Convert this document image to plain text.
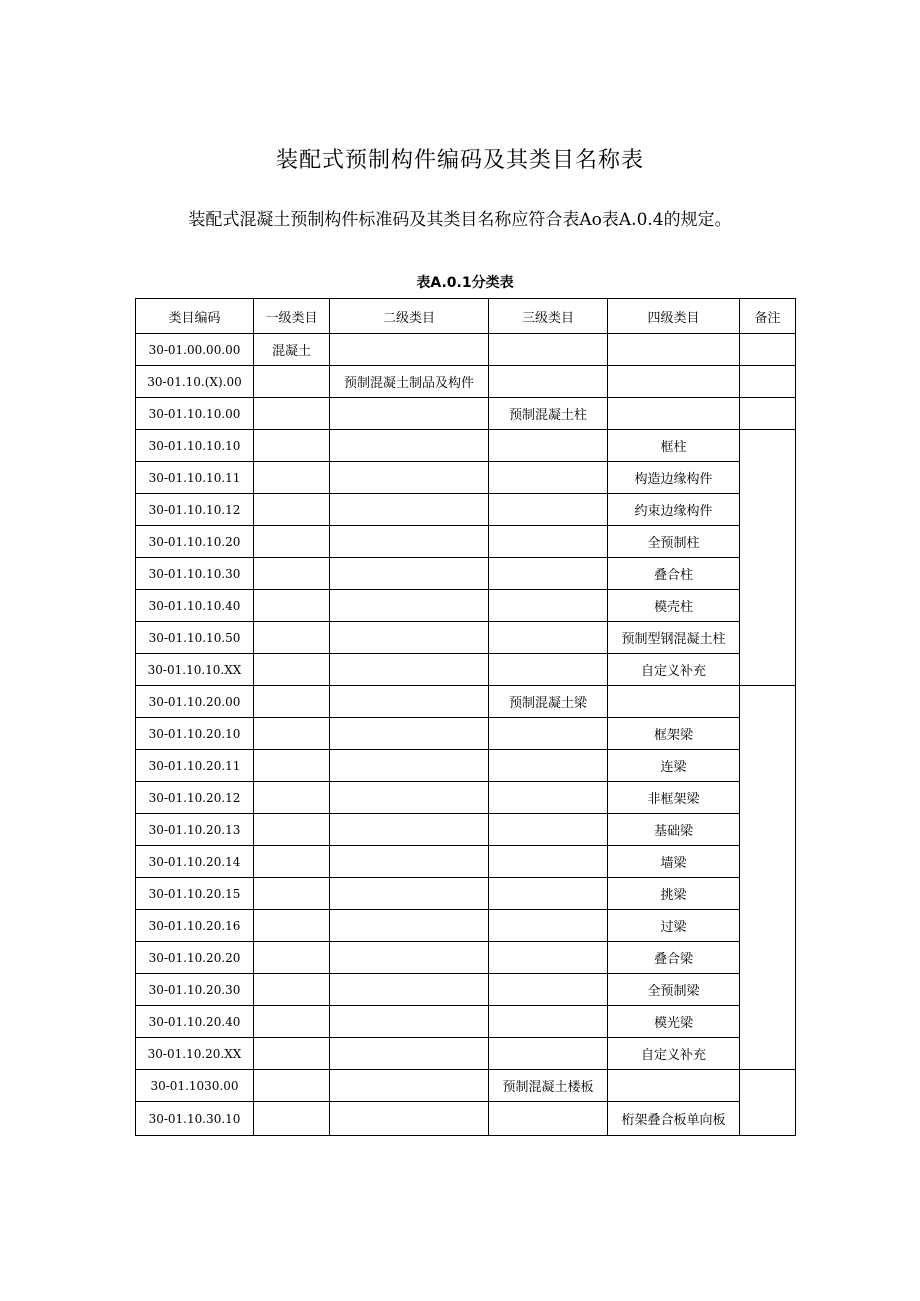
装配式预制构件编码及其类目名称表
装配式混凝土预制构件标准码及其类目名称应符合表Ao表A.0.4的规定。
表A.0.1分类表
类目编码	一级类目	二级类目	三级类目	四级类目	备注
30-01.00.00.00	混凝土				
30-01.10.(X).00		预制混凝土制品及构件			
30-01.10.10.00			预制混凝土柱		
30-01.10.10.10				框柱	
30-01.10.10.11				构造边缘构件	
30-01.10.10.12				约束边缘构件	
30-01.10.10.20				全预制柱	
30-01.10.10.30				叠合柱	
30-01.10.10.40				模壳柱	
30-01.10.10.50				预制型钢混凝土柱	
30-01.10.10.XX				自定义补充	
30-01.10.20.00			预制混凝土梁		
30-01.10.20.10				框架梁	
30-01.10.20.11				连梁	
30-01.10.20.12				非框架梁	
30-01.10.20.13				基础梁	
30-01.10.20.14				墙梁	
30-01.10.20.15				挑梁	
30-01.10.20.16				过梁	
30-01.10.20.20				叠合梁	
30-01.10.20.30				全预制梁	
30-01.10.20.40				模光梁	
30-01.10.20.XX				自定义补充	
30-01.1030.00			预制混凝土楼板		
30-01.10.30.10				桁架叠合板单向板	
